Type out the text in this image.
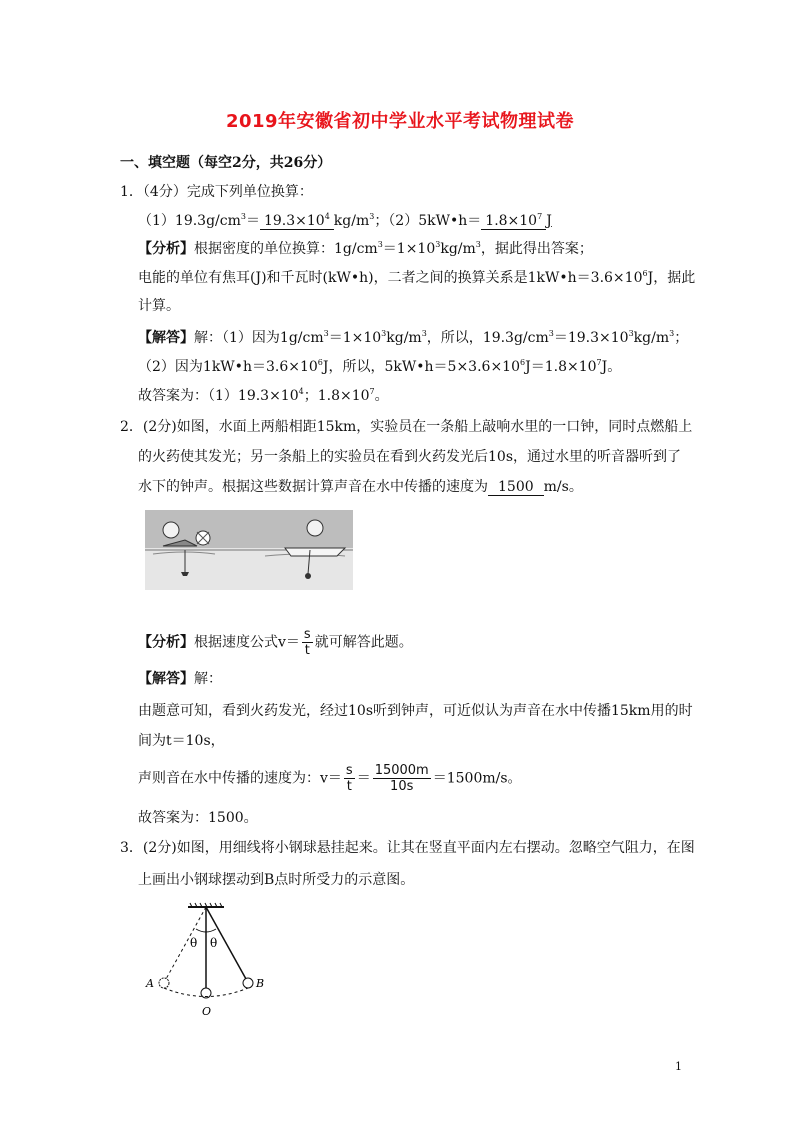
2019年安徽省初中学业水平考试物理试卷
一、填空题（每空2分，共26分）
1．（4分）完成下列单位换算：
$(1)19.3g/cm^3= 19.3\times 10^4$ $kg/m^3$；（2）5kW•h＝ $1.8\times 10^7$ J
【分析】根据密度的单位换算：$1g/cm^3=1\times 10^3kg/m^3$，据此得出答案；
电能的单位有焦耳(J)和千瓦时(kW•h)，二者之间的换算关系是$1kW•h=3.6\times 10^6J$，据此
计算。
【解答】解：（1）因为$1g/cm^3=1\times 10^3kg/m^3$，所以，$19.3g/cm^3=19.3\times 10^3kg/m^3$；
（2）因为$1kW•h=3.6\times 10^6J$，所以，$5kW•h=5\times 3.6\times 10^6J=1.8\times 10^7J$。
故答案为：$(1)19.3\times 10^4$；$1.8\times 10^7$。
2．(2分)如图，水面上两船相距15km，实验员在一条船上敲响水里的一口钟，同时点燃船上
的火药使其发光；另一条船上的实验员在看到火药发光后10s，通过水里的听音器听到了
水下的钟声。根据这些数据计算声音在水中传播的速度为 1500 m/s。
【分析】根据速度公式$v= \frac{s}{t}$ 就可解答此题。
【解答】解：
由题意可知，看到火药发光，经过10s听到钟声，可近似认为声音在水中传播15km用的时
间为t＝10s，
声则音在水中传播的速度为：$v= \frac{s}{t} = \frac{15000m}{10s} =1500m/s$。
故答案为：1500。
3．(2分)如图，用细线将小钢球悬挂起来。让其在竖直平面内左右摆动。忽略空气阻力，在图
上画出小钢球摆动到B点时所受力的示意图。
θ θ
A	B
O
1
